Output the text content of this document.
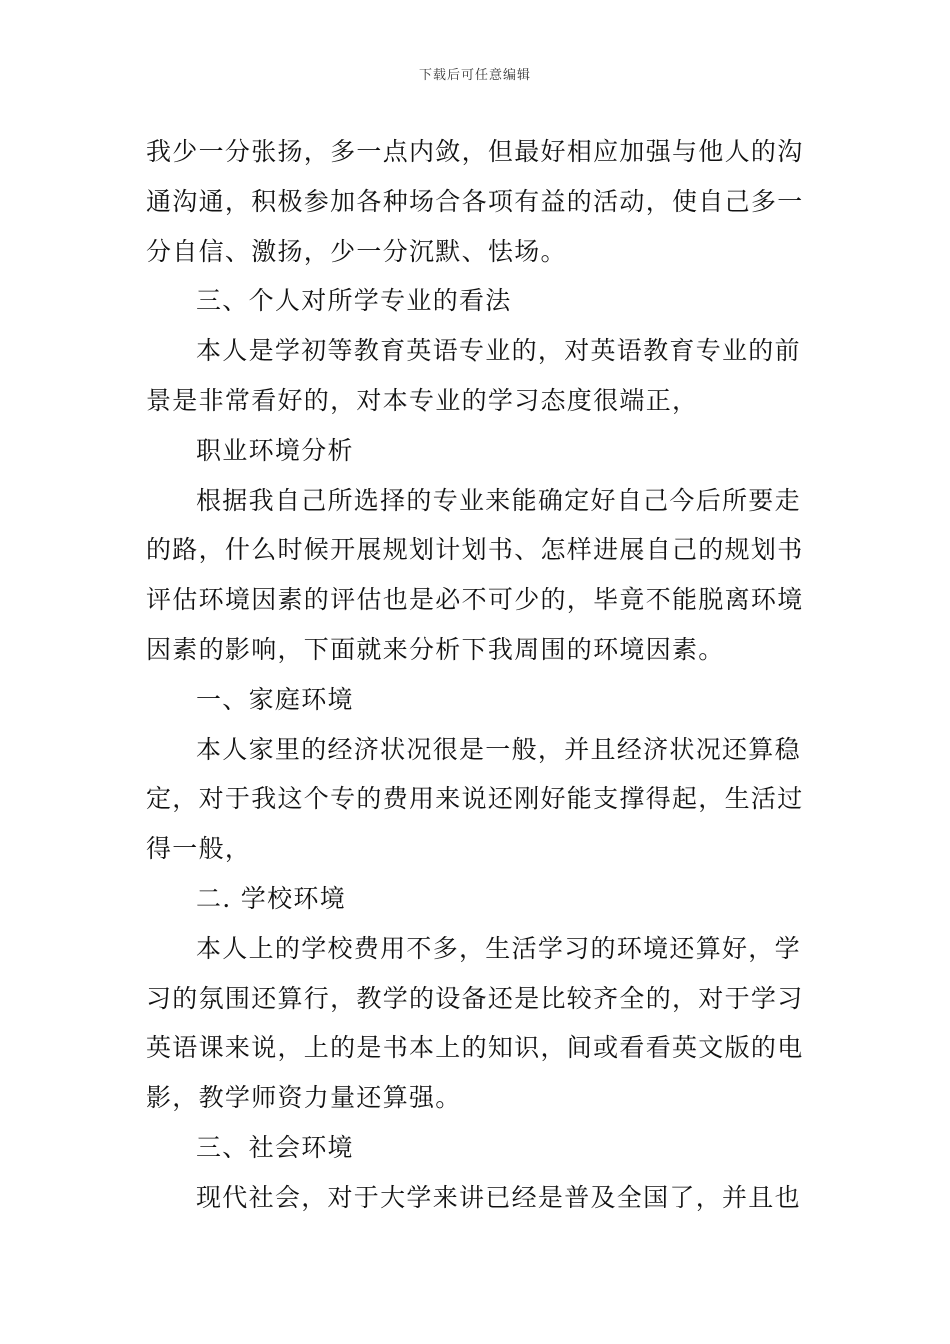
下载后可任意编辑
我少一分张扬，多一点内敛，但最好相应加强与他人的沟
通沟通，积极参加各种场合各项有益的活动，使自己多一
分自信、激扬，少一分沉默、怯场。
三、个人对所学专业的看法
本人是学初等教育英语专业的，对英语教育专业的前
景是非常看好的，对本专业的学习态度很端正，
职业环境分析
根据我自己所选择的专业来能确定好自己今后所要走
的路，什么时候开展规划计划书、怎样进展自己的规划书
评估环境因素的评估也是必不可少的，毕竟不能脱离环境
因素的影响，下面就来分析下我周围的环境因素。
一、家庭环境
本人家里的经济状况很是一般，并且经济状况还算稳
定，对于我这个专的费用来说还刚好能支撑得起，生活过
得一般，
二. 学校环境
本人上的学校费用不多，生活学习的环境还算好，学
习的氛围还算行，教学的设备还是比较齐全的，对于学习
英语课来说，上的是书本上的知识，间或看看英文版的电
影，教学师资力量还算强。
三、社会环境
现代社会，对于大学来讲已经是普及全国了，并且也
